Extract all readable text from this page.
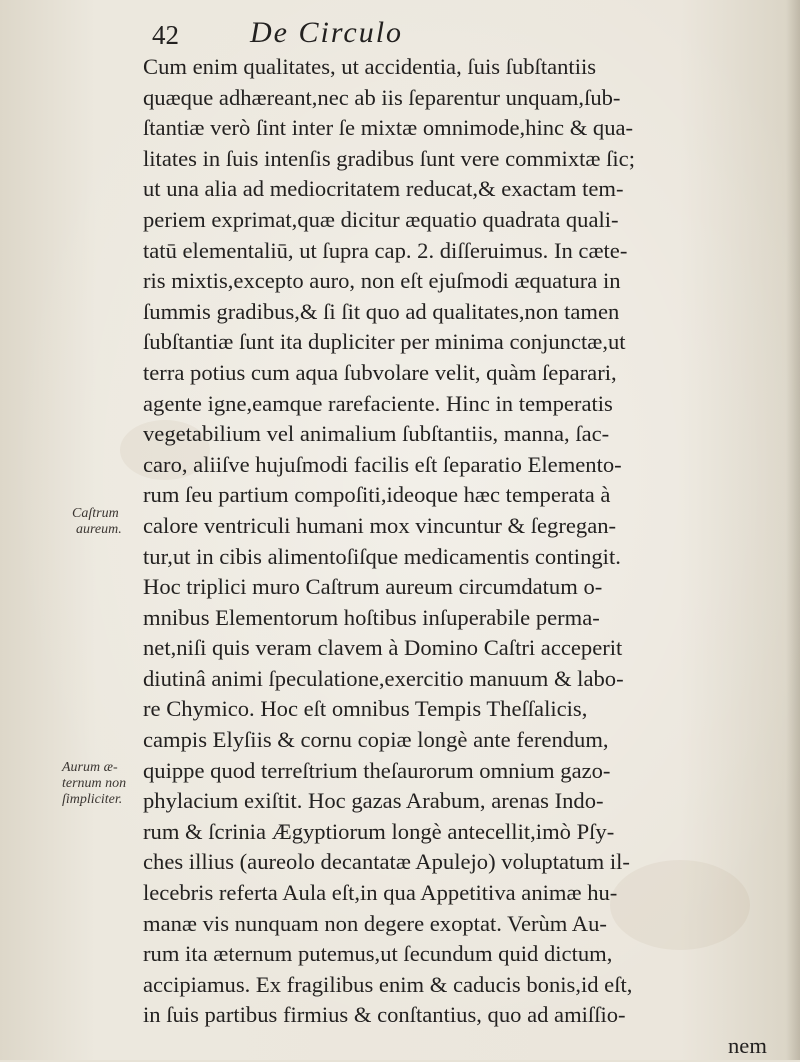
42 De Circulo
Caſtrum
aureum.
Aurum æ-
ternum non
ſimpliciter.
Cum enim qualitates, ut accidentia, ſuis ſubſtantiis
quæque adhæreant,nec ab iis ſeparentur unquam,ſub-
ſtantiæ verò ſint inter ſe mixtæ omnimode,hinc & qua-
litates in ſuis intenſis gradibus ſunt vere commixtæ ſic;
ut una alia ad mediocritatem reducat,& exactam tem-
periem exprimat,quæ dicitur æquatio quadrata quali-
tatū elementaliū, ut ſupra cap. 2. diſſeruimus. In cæte-
ris mixtis,excepto auro, non eſt ejuſmodi æquatura in
ſummis gradibus,& ſi ſit quo ad qualitates,non tamen
ſubſtantiæ ſunt ita dupliciter per minima conjunctæ,ut
terra potius cum aqua ſubvolare velit, quàm ſeparari,
agente igne,eamque rarefaciente. Hinc in temperatis
vegetabilium vel animalium ſubſtantiis, manna, ſac-
caro, aliiſve hujuſmodi facilis eſt ſeparatio Elemento-
rum ſeu partium compoſiti,ideoque hæc temperata à
calore ventriculi humani mox vincuntur & ſegregan-
tur,ut in cibis alimentoſiſque medicamentis contingit.
Hoc triplici muro Caſtrum aureum circumdatum o-
mnibus Elementorum hoſtibus inſuperabile perma-
net,niſi quis veram clavem à Domino Caſtri acceperit
diutinâ animi ſpeculatione,exercitio manuum & labo-
re Chymico. Hoc eſt omnibus Tempis Theſſalicis,
campis Elyſiis & cornu copiæ longè ante ferendum,
quippe quod terreſtrium theſaurorum omnium gazo-
phylacium exiſtit. Hoc gazas Arabum, arenas Indo-
rum & ſcrinia Ægyptiorum longè antecellit,imò Pſy-
ches illius (aureolo decantatæ Apulejo) voluptatum il-
lecebris referta Aula eſt,in qua Appetitiva animæ hu-
manæ vis nunquam non degere exoptat. Verùm Au-
rum ita æternum putemus,ut ſecundum quid dictum,
accipiamus. Ex fragilibus enim & caducis bonis,id eſt,
in ſuis partibus firmius & conſtantius, quo ad amiſſio-
nem
